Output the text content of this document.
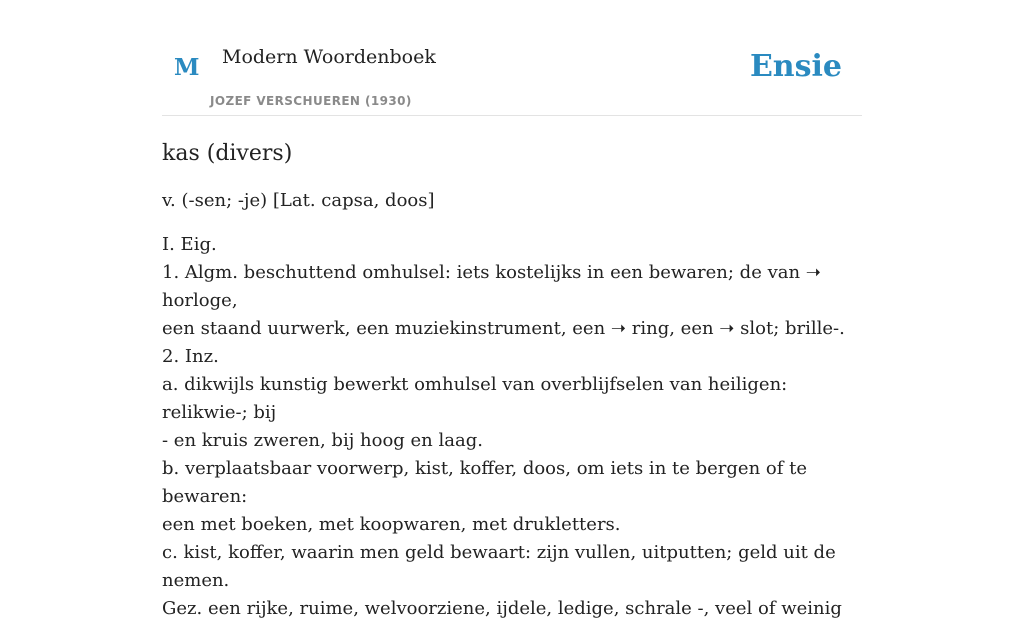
M Modern Woordenboek
JOZEF VERSCHUEREN (1930)
Ensie
kas (divers)

v. (-sen; -je) [Lat. capsa, doos]

I. Eig.
1. Algm. beschuttend omhulsel: iets kostelijks in een bewaren; de van ➝ horloge,
een staand uurwerk, een muziekinstrument, een ➝ ring, een ➝ slot; brille-.
2. Inz.
a. dikwijls kunstig bewerkt omhulsel van overblijfselen van heiligen: relikwie-; bij
- en kruis zweren, bij hoog en laag.
b. verplaatsbaar voorwerp, kist, koffer, doos, om iets in te bergen of te bewaren:
een met boeken, met koopwaren, met drukletters.
c. kist, koffer, waarin men geld bewaart: zijn vullen, uitputten; geld uit de nemen.
Gez. een rijke, ruime, welvoorziene, ijdele, ledige, schrale -, veel of weinig
